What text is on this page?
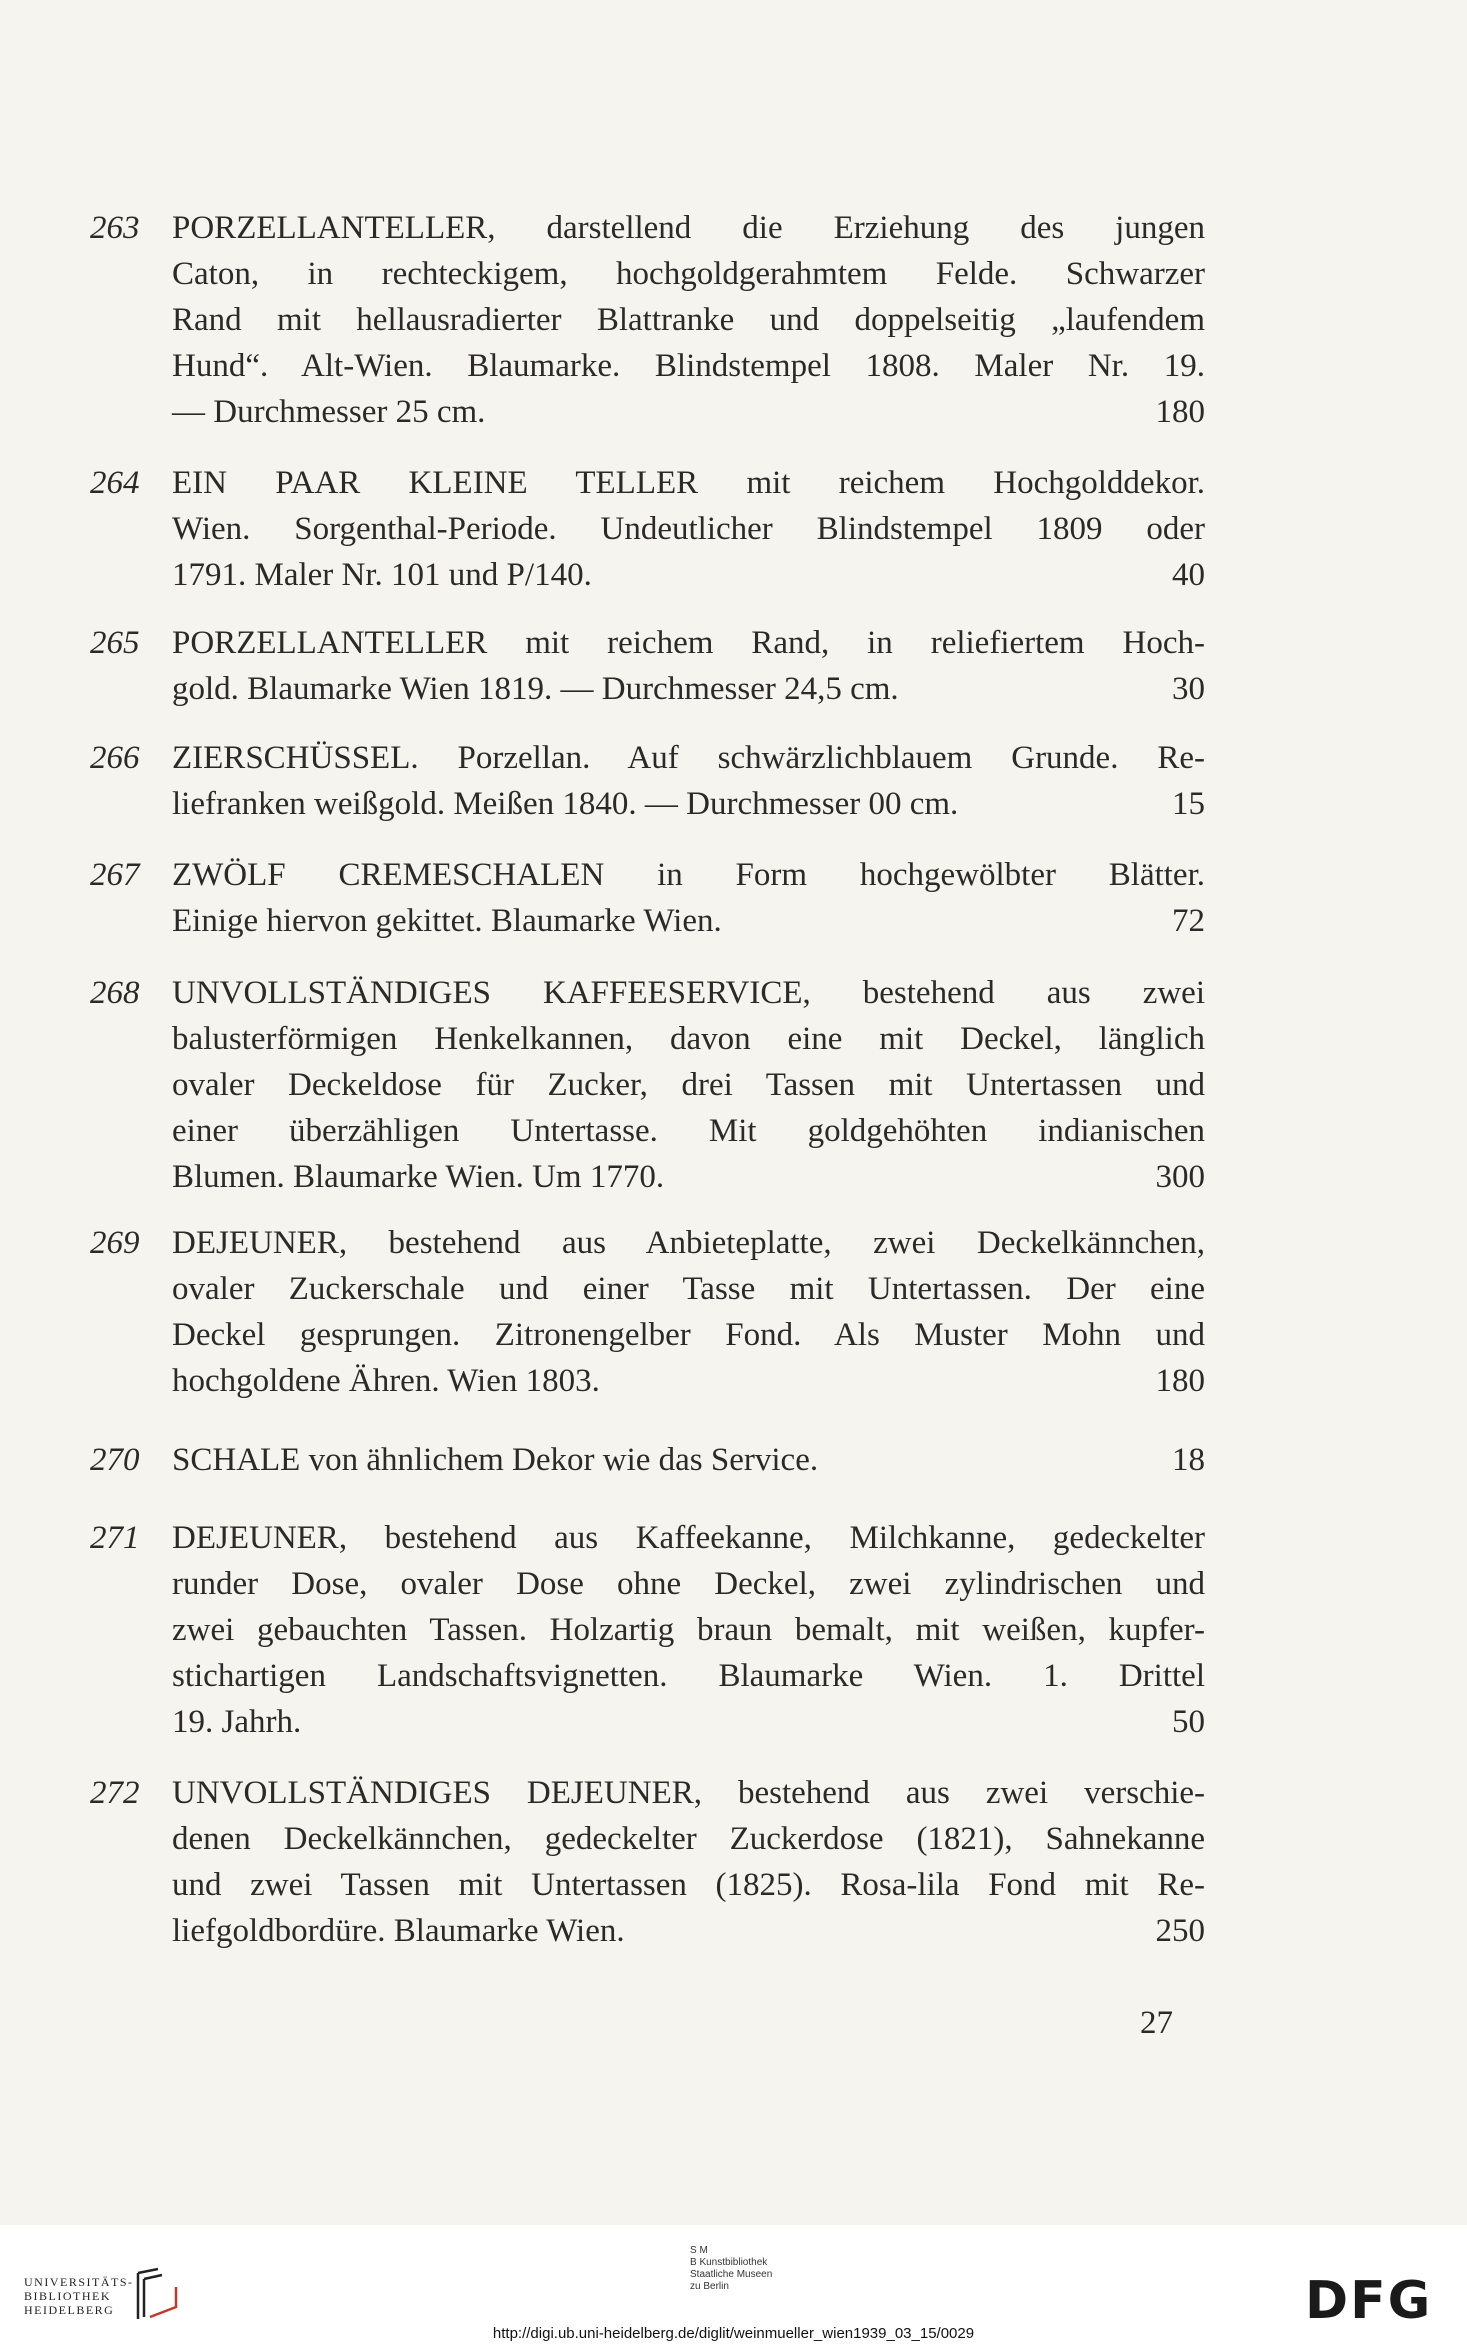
263 PORZELLANTELLER, darstellend die Erziehung des jungen
Caton, in rechteckigem, hochgoldgerahmtem Felde. Schwarzer
Rand mit hellausradierter Blattranke und doppelseitig „laufendem
Hund“. Alt-Wien. Blaumarke. Blindstempel 1808. Maler Nr. 19.
— Durchmesser 25 cm.	180
264 EIN PAAR KLEINE TELLER mit reichem Hochgolddekor.
Wien. Sorgenthal-Periode. Undeutlicher Blindstempel 1809 oder
1791. Maler Nr. 101 und P/140.	40
265 PORZELLANTELLER mit reichem Rand, in reliefiertem Hoch-
gold. Blaumarke Wien 1819. — Durchmesser 24,5 cm.	30
266 ZIERSCHÜSSEL. Porzellan. Auf schwärzlichblauem Grunde. Re-
liefranken weißgold. Meißen 1840. — Durchmesser 00 cm.	15
267 ZWÖLF CREMESCHALEN in Form hochgewölbter Blätter.
Einige hiervon gekittet. Blaumarke Wien.	72
268 UNVOLLSTÄNDIGES KAFFEESERVICE, bestehend aus zwei
balusterförmigen Henkelkannen, davon eine mit Deckel, länglich
ovaler Deckeldose für Zucker, drei Tassen mit Untertassen und
einer überzähligen Untertasse. Mit goldgehöhten indianischen
Blumen. Blaumarke Wien. Um 1770.	300
269 DEJEUNER, bestehend aus Anbieteplatte, zwei Deckelkännchen,
ovaler Zuckerschale und einer Tasse mit Untertassen. Der eine
Deckel gesprungen. Zitronengelber Fond. Als Muster Mohn und
hochgoldene Ähren. Wien 1803.	180
270 SCHALE von ähnlichem Dekor wie das Service.	18
271 DEJEUNER, bestehend aus Kaffeekanne, Milchkanne, gedeckelter
runder Dose, ovaler Dose ohne Deckel, zwei zylindrischen und
zwei gebauchten Tassen. Holzartig braun bemalt, mit weißen, kupfer-
stichartigen Landschaftsvignetten. Blaumarke Wien. 1. Drittel
19. Jahrh.	50
272 UNVOLLSTÄNDIGES DEJEUNER, bestehend aus zwei verschie-
denen Deckelkännchen, gedeckelter Zuckerdose (1821), Sahnekanne
und zwei Tassen mit Untertassen (1825). Rosa-lila Fond mit Re-
liefgoldbordüre. Blaumarke Wien.	250
27
UNIVERSITÄTS-
BIBLIOTHEK
HEIDELBERG
S M
B Kunstbibliothek
Staatliche Museen
zu Berlin	DFG
http://digi.ub.uni-heidelberg.de/diglit/weinmueller_wien1939_03_15/0029
